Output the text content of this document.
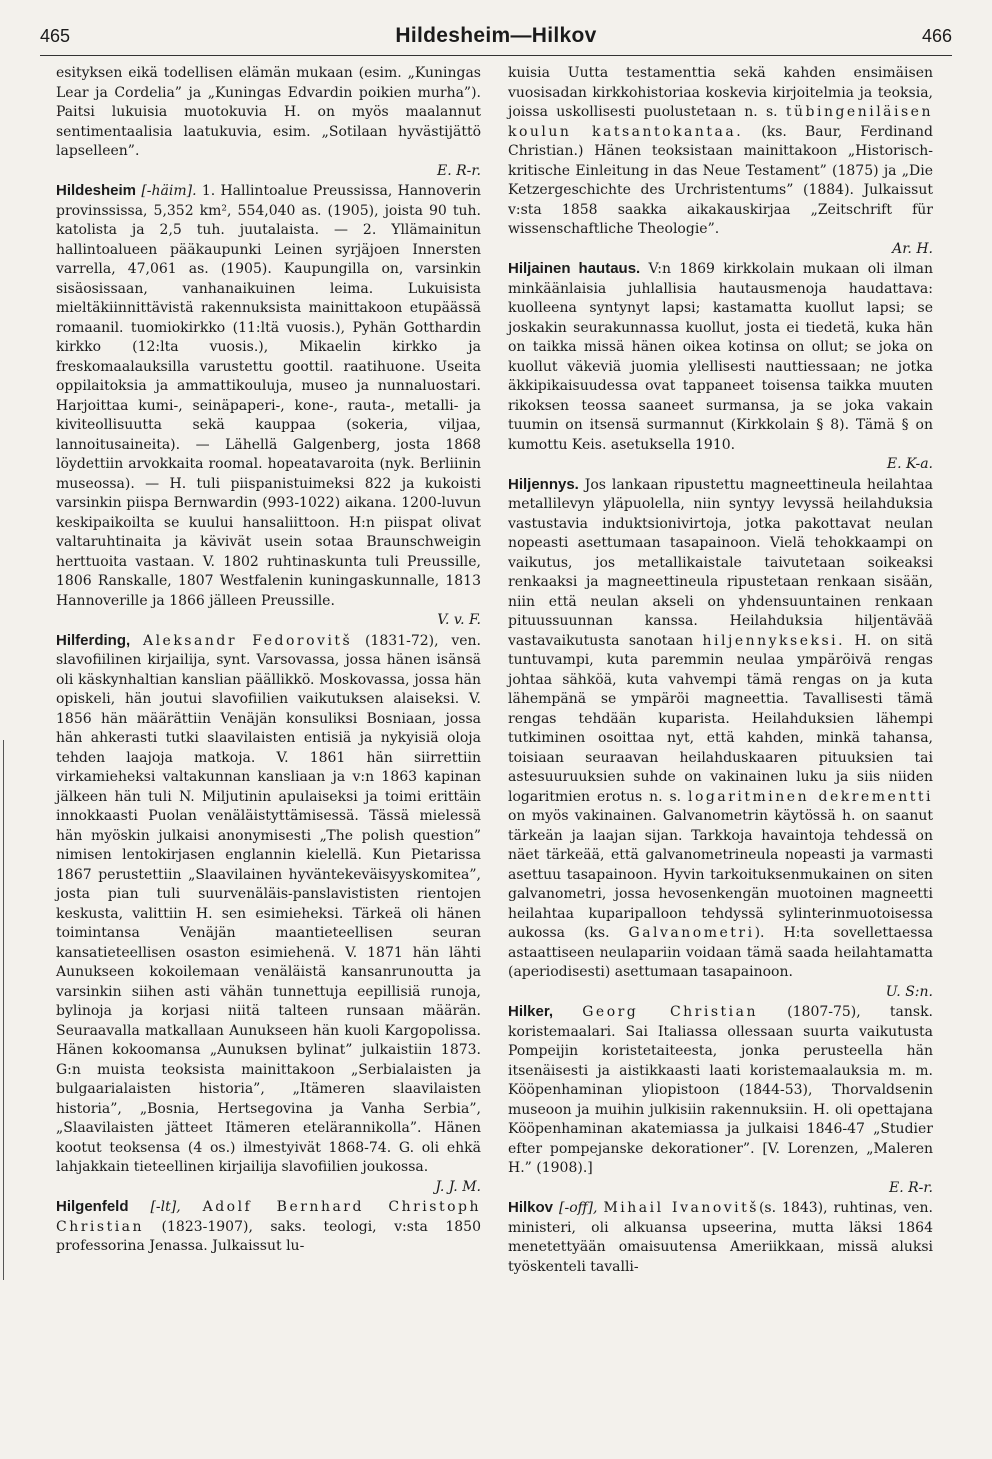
465	Hildesheim—Hilkov	466

esityksen eikä todellisen elämän mukaan (esim. „Kuningas Lear ja Cordelia” ja „Kuningas Edvardin poikien murha”). Paitsi lukuisia muotokuvia H. on myös maalannut sentimentaalisia laatukuvia, esim. „Sotilaan hyvästijättö lapselleen”.

E. R-r.

Hildesheim [-häim]. 1. Hallintoalue Preussissa, Hannoverin provinssissa, 5,352 km², 554,040 as. (1905), joista 90 tuh. katolista ja 2,5 tuh. juutalaista. — 2. Yllämainitun hallintoalueen pääkaupunki Leinen syrjäjoen Innersten varrella, 47,061 as. (1905). Kaupungilla on, varsinkin sisäosissaan, vanhanaikuinen leima. Lukuisista mieltäkiinnittävistä rakennuksista mainittakoon etupäässä romaanil. tuomiokirkko (11:ltä vuosis.), Pyhän Gotthardin kirkko (12:lta vuosis.), Mikaelin kirkko ja freskomaalauksilla varustettu goottil. raatihuone. Useita oppilaitoksia ja ammattikouluja, museo ja nunnaluostari. Harjoittaa kumi-, seinäpaperi-, kone-, rauta-, metalli- ja kiviteollisuutta sekä kauppaa (sokeria, viljaa, lannoitusaineita). — Lähellä Galgenberg, josta 1868 löydettiin arvokkaita roomal. hopeatavaroita (nyk. Berliinin museossa). — H. tuli piispanistuimeksi 822 ja kukoisti varsinkin piispa Bernwardin (993-1022) aikana. 1200-luvun keskipaikoilta se kuului hansaliittoon. H:n piispat olivat valtaruhtinaita ja kävivät usein sotaa Braunschweigin herttuoita vastaan. V. 1802 ruhtinaskunta tuli Preussille, 1806 Ranskalle, 1807 Westfalenin kuningaskunnalle, 1813 Hannoverille ja 1866 jälleen Preussille.

V. v. F.

Hilferding, Aleksandr Fedorovitš (1831-72), ven. slavofiilinen kirjailija, synt. Varsovassa, jossa hänen isänsä oli käskynhaltian kanslian päällikkö. Moskovassa, jossa hän opiskeli, hän joutui slavofiilien vaikutuksen alaiseksi. V. 1856 hän määrättiin Venäjän konsuliksi Bosniaan, jossa hän ahkerasti tutki slaavilaisten entisiä ja nykyisiä oloja tehden laajoja matkoja. V. 1861 hän siirrettiin virkamieheksi valtakunnan kansliaan ja v:n 1863 kapinan jälkeen hän tuli N. Miljutinin apulaiseksi ja toimi erittäin innokkaasti Puolan venäläistyttämisessä. Tässä mielessä hän myöskin julkaisi anonymisesti „The polish question” nimisen lentokirjasen englannin kielellä. Kun Pietarissa 1867 perustettiin „Slaavilainen hyväntekeväisyyskomitea”, josta pian tuli suurvenäläis-panslavististen rientojen keskusta, valittiin H. sen esimieheksi. Tärkeä oli hänen toimintansa Venäjän maantieteellisen seuran kansatieteellisen osaston esimiehenä. V. 1871 hän lähti Aunukseen kokoilemaan venäläistä kansanrunoutta ja varsinkin siihen asti vähän tunnettuja eepillisiä runoja, bylinoja ja korjasi niitä talteen runsaan määrän. Seuraavalla matkallaan Aunukseen hän kuoli Kargopolissa. Hänen kokoomansa „Aunuksen bylinat” julkaistiin 1873. G:n muista teoksista mainittakoon „Serbialaisten ja bulgaarialaisten historia”, „Itämeren slaavilaisten historia”, „Bosnia, Hertsegovina ja Vanha Serbia”, „Slaavilaisten jätteet Itämeren etelärannikolla”. Hänen kootut teoksensa (4 os.) ilmestyivät 1868-74. G. oli ehkä lahjakkain tieteellinen kirjailija slavofiilien joukossa.

J. J. M.

Hilgenfeld [-lt], Adolf Bernhard Christoph Christian (1823-1907), saks. teologi, v:sta 1850 professorina Jenassa. Julkaissut lu-

kuisia Uutta testamenttia sekä kahden ensimäisen vuosisadan kirkkohistoriaa koskevia kirjoitelmia ja teoksia, joissa uskollisesti puolustetaan n. s. tübingeniläisen koulun katsantokantaa. (ks. Baur, Ferdinand Christian.) Hänen teoksistaan mainittakoon „Historisch-kritische Einleitung in das Neue Testament” (1875) ja „Die Ketzergeschichte des Urchristentums” (1884). Julkaissut v:sta 1858 saakka aikakauskirjaa „Zeitschrift für wissenschaftliche Theologie”.

Ar. H.

Hiljainen hautaus. V:n 1869 kirkkolain mukaan oli ilman minkäänlaisia juhlallisia hautausmenoja haudattava: kuolleena syntynyt lapsi; kastamatta kuollut lapsi; se joskakin seurakunnassa kuollut, josta ei tiedetä, kuka hän on taikka missä hänen oikea kotinsa on ollut; se joka on kuollut väkeviä juomia ylellisesti nauttiessaan; ne jotka äkkipikaisuudessa ovat tappaneet toisensa taikka muuten rikoksen teossa saaneet surmansa, ja se joka vakain tuumin on itsensä surmannut (Kirkkolain § 8). Tämä § on kumottu Keis. asetuksella 1910.

E. K-a.

Hiljennys. Jos lankaan ripustettu magneettineula heilahtaa metallilevyn yläpuolella, niin syntyy levyssä heilahduksia vastustavia induktsionivirtoja, jotka pakottavat neulan nopeasti asettumaan tasapainoon. Vielä tehokkaampi on vaikutus, jos metallikaistale taivutetaan soikeaksi renkaaksi ja magneettineula ripustetaan renkaan sisään, niin että neulan akseli on yhdensuuntainen renkaan pituussuunnan kanssa. Heilahduksia hiljentävää vastavaikutusta sanotaan hiljennykseksi. H. on sitä tuntuvampi, kuta paremmin neulaa ympäröivä rengas johtaa sähköä, kuta vahvempi tämä rengas on ja kuta lähempänä se ympäröi magneettia. Tavallisesti tämä rengas tehdään kuparista. Heilahduksien lähempi tutkiminen osoittaa nyt, että kahden, minkä tahansa, toisiaan seuraavan heilahduskaaren pituuksien tai astesuuruuksien suhde on vakinainen luku ja siis niiden logaritmien erotus n. s. logaritminen dekrementti on myös vakinainen. Galvanometrin käytössä h. on saanut tärkeän ja laajan sijan. Tarkkoja havaintoja tehdessä on näet tärkeää, että galvanometrineula nopeasti ja varmasti asettuu tasapainoon. Hyvin tarkoituksenmukainen on siten galvanometri, jossa hevosenkengän muotoinen magneetti heilahtaa kuparipalloon tehdyssä sylinterinmuotoisessa aukossa (ks. Galvanometri). H:ta sovellettaessa astaattiseen neulapariin voidaan tämä saada heilahtamatta (aperiodisesti) asettumaan tasapainoon.

U. S:n.

Hilker, Georg Christian (1807-75), tansk. koristemaalari. Sai Italiassa ollessaan suurta vaikutusta Pompeijin koristetaiteesta, jonka perusteella hän itsenäisesti ja aistikkaasti laati koristemaalauksia m. m. Kööpenhaminan yliopistoon (1844-53), Thorvaldsenin museoon ja muihin julkisiin rakennuksiin. H. oli opettajana Kööpenhaminan akatemiassa ja julkaisi 1846-47 „Studier efter pompejanske dekorationer”. [V. Lorenzen, „Maleren H.” (1908).]

E. R-r.

Hilkov [-off], Mihail Ivanovitš(s. 1843), ruhtinas, ven. ministeri, oli alkuansa upseerina, mutta läksi 1864 menetettyään omaisuutensa Ameriikkaan, missä aluksi työskenteli tavalli-
